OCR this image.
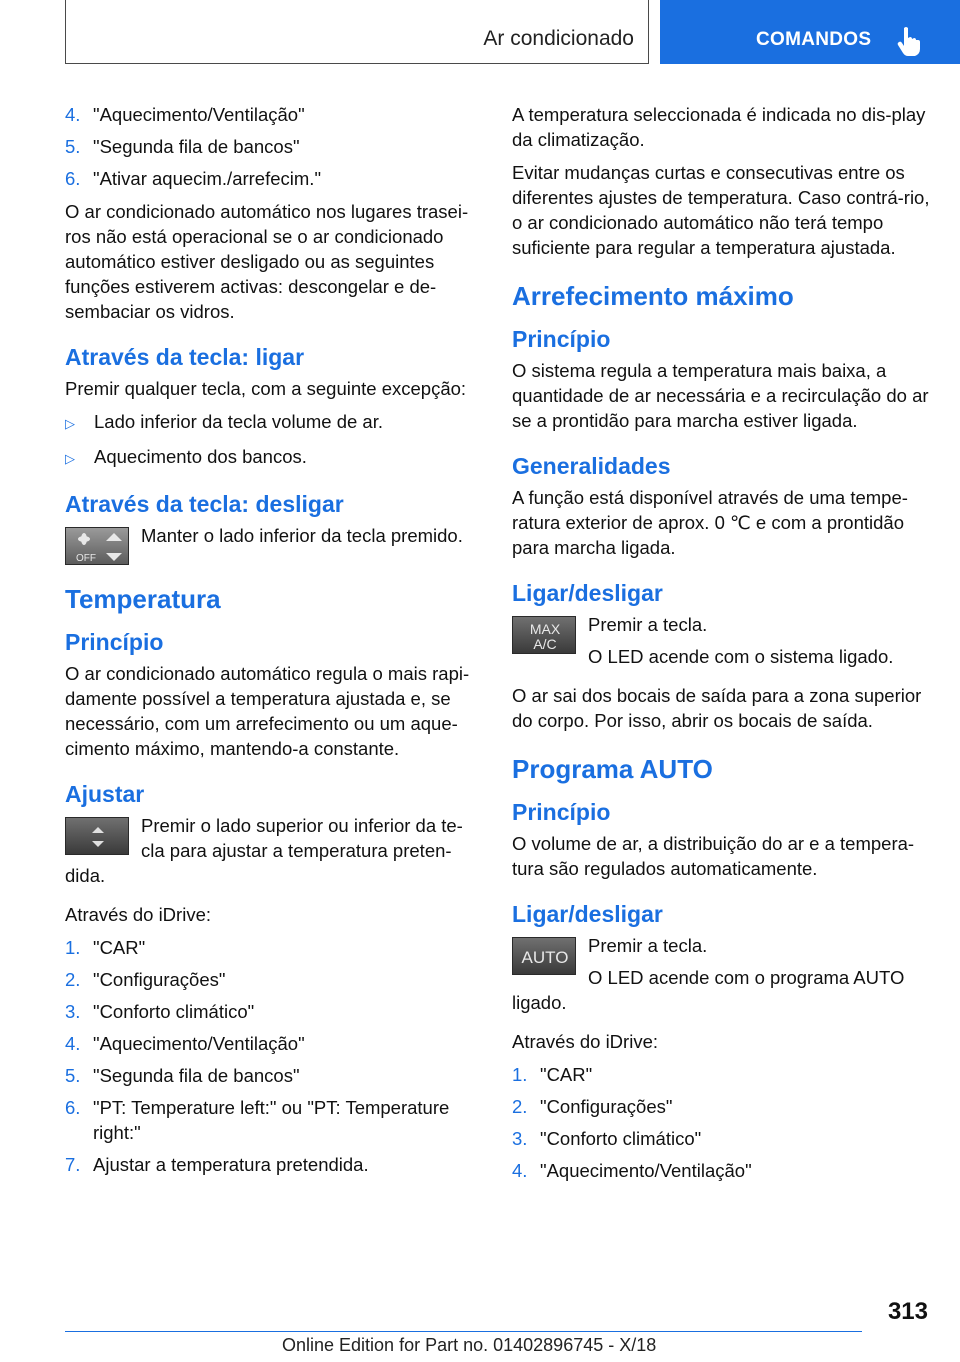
Ar condicionado	COMANDOS
4. "Aquecimento/Ventilação"
5. "Segunda fila de bancos"
6. "Ativar aquecim./arrefecim."

O ar condicionado automático nos lugares trasei-ros não está operacional se o ar condicionado automático estiver desligado ou as seguintes funções estiverem activas: descongelar e de-sembaciar os vidros.

Através da tecla: ligar

Premir qualquer tecla, com a seguinte excepção:

▷	Lado inferior da tecla volume de ar.
▷	Aquecimento dos bancos.
Através da tecla: desligar
OFF
Manter o lado inferior da tecla premido.
Temperatura
Princípio

O ar condicionado automático regula o mais rapi-damente possível a temperatura ajustada e, se necessário, com um arrefecimento ou um aque-cimento máximo, mantendo-a constante.

Ajustar
Premir o lado superior ou inferior da te-cla para ajustar a temperatura preten-dida.

Através do iDrive:

1. "CAR"
2. "Configurações"
3. "Conforto climático"
4. "Aquecimento/Ventilação"
5. "Segunda fila de bancos"
6. "PT: Temperature left:" ou "PT: Temperature right:"
7. Ajustar a temperatura pretendida.

A temperatura seleccionada é indicada no dis-play da climatização.

Evitar mudanças curtas e consecutivas entre os diferentes ajustes de temperatura. Caso contrá-rio, o ar condicionado automático não terá tempo suficiente para regular a temperatura ajustada.

Arrefecimento máximo
Princípio

O sistema regula a temperatura mais baixa, a quantidade de ar necessária e a recirculação do ar se a prontidão para marcha estiver ligada.

Generalidades

A função está disponível através de uma tempe-ratura exterior de aprox. 0 ℃ e com a prontidão para marcha ligada.

Ligar/desligar
MAX
A/C
Premir a tecla.
O LED acende com o sistema ligado.

O ar sai dos bocais de saída para a zona superior do corpo. Por isso, abrir os bocais de saída.

Programa AUTO
Princípio

O volume de ar, a distribuição do ar e a tempera-tura são regulados automaticamente.

Ligar/desligar
AUTO
Premir a tecla.
O LED acende com o programa AUTO ligado.

Através do iDrive:

1. "CAR"
2. "Configurações"
3. "Conforto climático"
4. "Aquecimento/Ventilação"
313
Online Edition for Part no. 01402896745 - X/18
